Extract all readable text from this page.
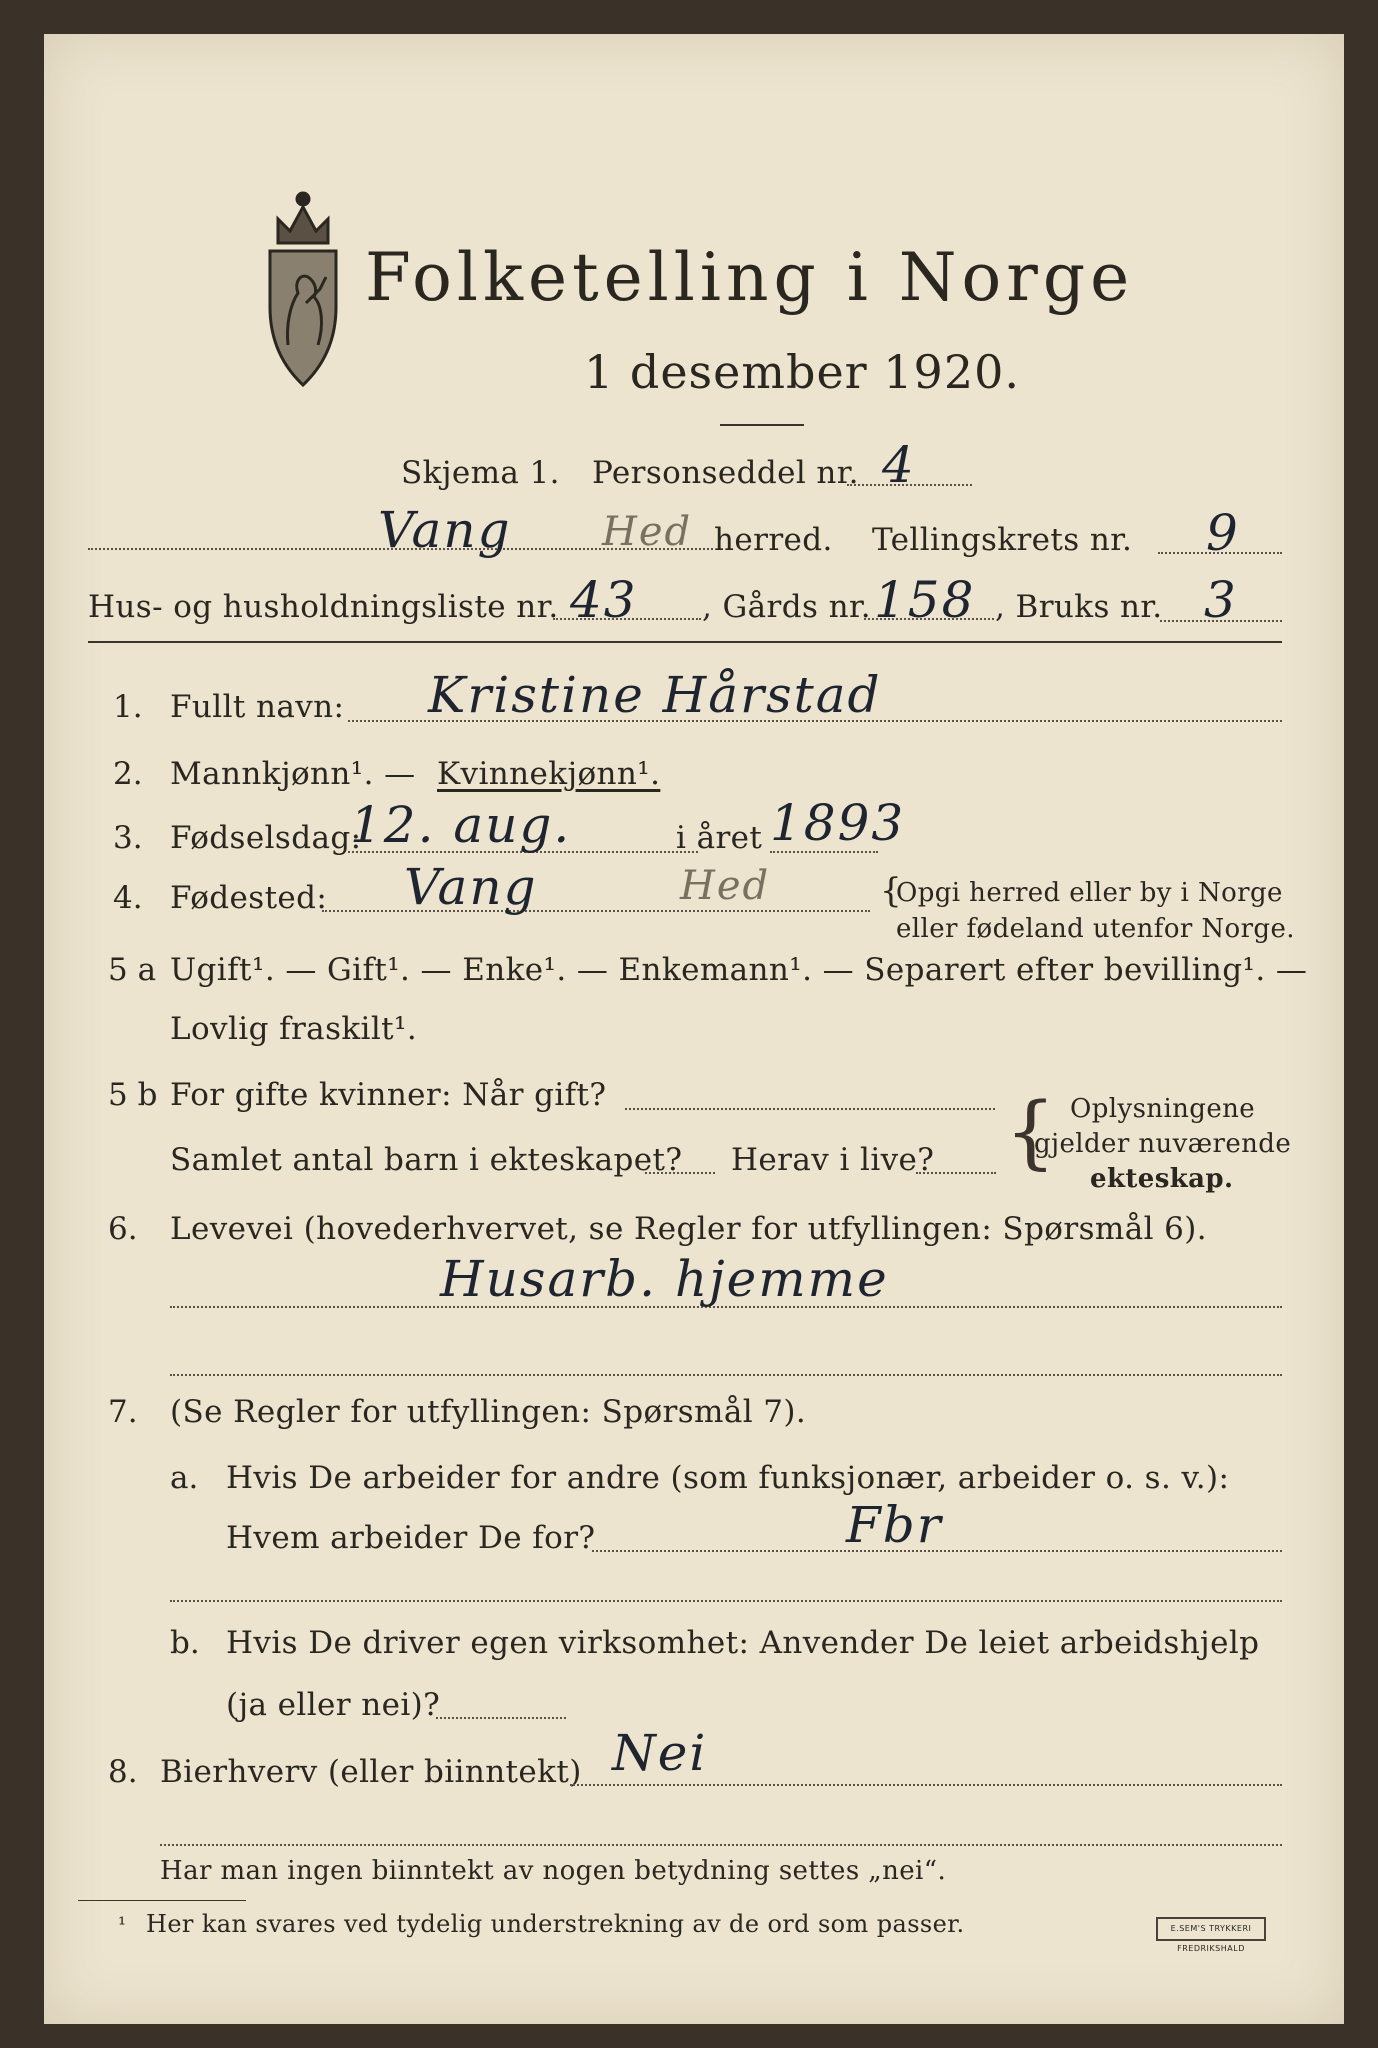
Folketelling i Norge
1 desember 1920.
Skjema 1. Personseddel nr. 4
Vang Hed herred. Tellingskrets nr. 9
Hus- og husholdningsliste nr. 43 , Gårds nr. 158 , Bruks nr. 3
1. Fullt navn: Kristine Hårstad
2. Mannkjønn¹. — Kvinnekjønn¹.
3. Fødselsdag:
12. aug.	i året 1893
4. Fødested: Vang	Hed	{
Opgi herred eller by i Norge
eller fødeland utenfor Norge.
5 a Ugift ¹. — Gift¹. — Enke¹. — Enkemann¹. — Separert efter bevilling¹. —
Lovlig fraskilt¹.
5 b For gifte kvinner: Når gift?
Samlet antal barn i ekteskapet? Herav i live? { Oplysningene
gjelder nuværende
ekteskap.
6. Levevei (hovederhvervet, se Regler for utfyllingen: Spørsmål 6).
Husarb. hjemme
7. (Se Regler for utfyllingen: Spørsmål 7).
a. Hvis De arbeider for andre (som funksjonær, arbeider o. s. v.):
Hvem arbeider De for?	Fbr
b. Hvis De driver egen virksomhet: Anvender De leiet arbeidshjelp
(ja eller nei)?
8. Bierhverv (eller biinntekt) Nei
Har man ingen biinntekt av nogen betydning settes „nei“.
¹ Her kan svares ved tydelig understrekning av de ord som passer.	E.SEM'S TRYKKERI FREDRIKSHALD
